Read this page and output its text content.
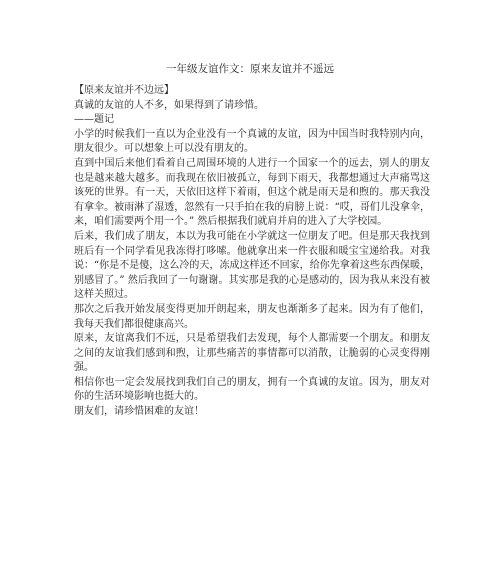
一年级友谊作文：原来友谊并不遥远

【原来友谊并不边远】

真诚的友谊的人不多，如果得到了请珍惜。

——题记

小学的时候我们一直以为企业没有一个真诚的友谊，因为中国当时我特别内向，朋友很少。可以想象上可以没有朋友的。

直到中国后来他们看着自己周围环境的人进行一个国家一个的远去，别人的朋友也是越来越大越多。而我现在依旧被孤立，每到下雨天，我都想通过大声痛骂这该死的世界。有一天，天依旧这样下着雨，但这个就是雨天是和煦的。那天我没有拿伞。被雨淋了湿透，忽然有一只手拍在我的肩膀上说：“哎，哥们儿没拿伞，来，咱们需要两个用一个。” 然后根据我们就肩并肩的进入了大学校园。

后来，我们成了朋友，本以为我可能在小学就这一位朋友了吧。但是那天我找到班后有一个同学看见我冻得打哆嗦。他就拿出来一件衣服和暖宝宝递给我。对我说：“你是不是傻，这么冷的天，冻成这样还不回家，给你先拿着这些东西保暖，别感冒了。” 然后我回了一句谢谢。其实那是我的心是感动的，因为我从来没有被这样关照过。

那次之后我开始发展变得更加开朗起来，朋友也渐渐多了起来。因为有了他们，我每天我们都很健康高兴。

原来，友谊离我们不远，只是希望我们去发现，每个人都需要一个朋友。和朋友之间的友谊我们感到和煦，让那些痛苦的事情都可以消散，让脆弱的心灵变得刚强。

相信你也一定会发展找到我们自己的朋友，拥有一个真诚的友谊。因为，朋友对你的生活环境影响也挺大的。

朋友们，请珍惜困难的友谊！
